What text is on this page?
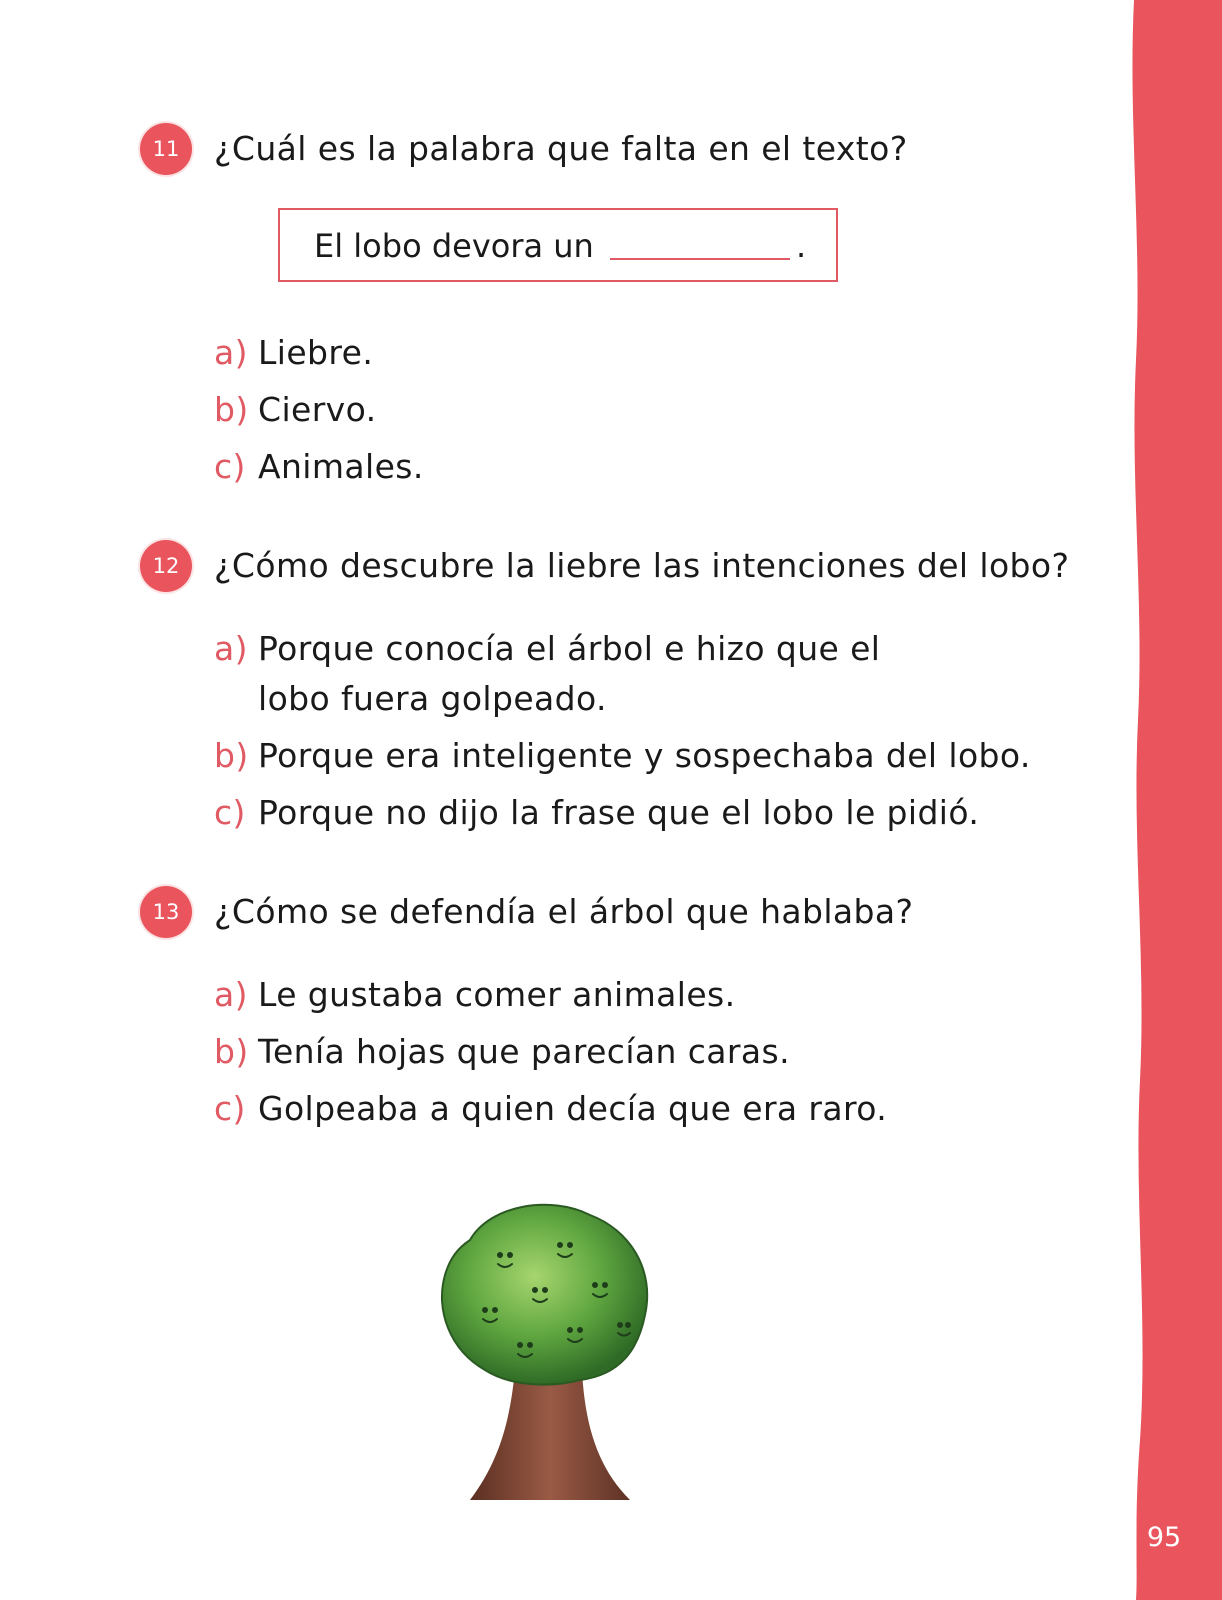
95
11	¿Cuál es la palabra que falta en el texto?
El lobo devora un	.
a) Liebre.
b) Ciervo.
c) Animales.
12	¿Cómo descubre la liebre las intenciones del lobo?
a) Porque conocía el árbol e hizo que el lobo fuera golpeado.
b) Porque era inteligente y sospechaba del lobo.
c) Porque no dijo la frase que el lobo le pidió.
13	¿Cómo se defendía el árbol que hablaba?
a) Le gustaba comer animales.
b) Tenía hojas que parecían caras.
c) Golpeaba a quien decía que era raro.
